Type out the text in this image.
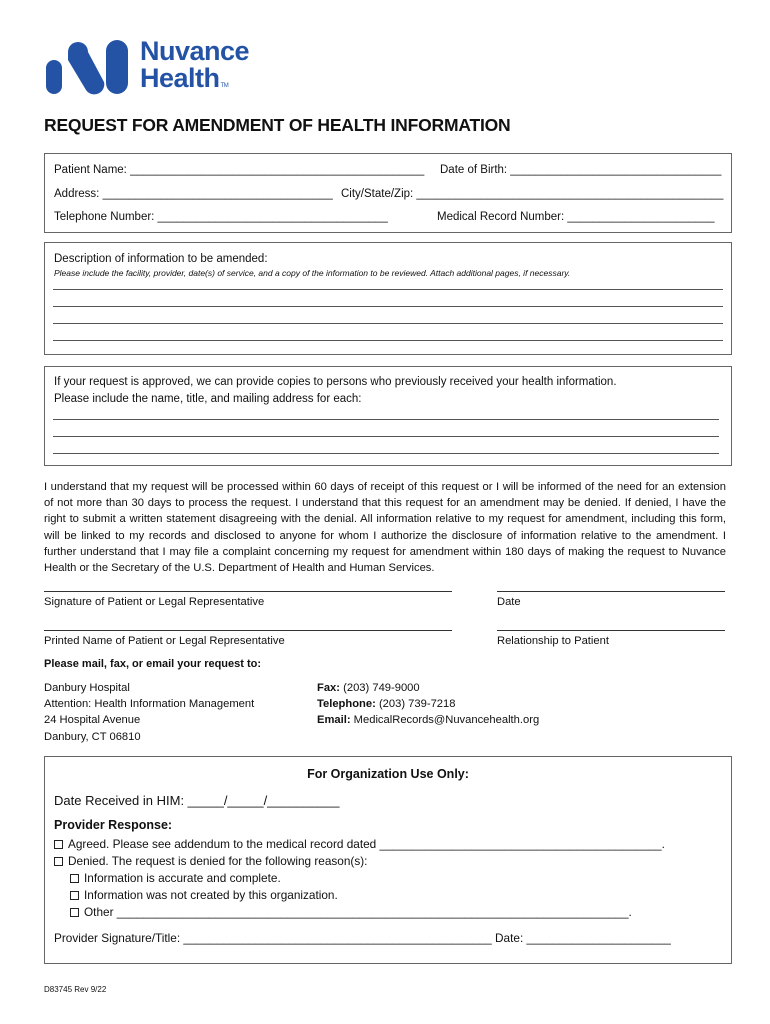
Nuvance
HealthTM
REQUEST FOR AMENDMENT OF HEALTH INFORMATION
Patient Name: ______________________________________________ Date of Birth: _________________________________
Address: ____________________________________ City/State/Zip: ________________________________________________
Telephone Number: ____________________________________	Medical Record Number: _______________________
Description of information to be amended:
Please include the facility, provider, date(s) of service, and a copy of the information to be reviewed. Attach additional pages, if necessary.
If your request is approved, we can provide copies to persons who previously received your health information.
Please include the name, title, and mailing address for each:
I understand that my request will be processed within 60 days of receipt of this request or I will be informed of the need for an extension of not more than 30 days to process the request. I understand that this request for an amendment may be denied. If denied, I have the right to submit a written statement disagreeing with the denial. All information relative to my request for amendment, including this form, will be linked to my records and disclosed to anyone for whom I authorize the disclosure of information relative to the amendment. I further understand that I may file a complaint concerning my request for amendment within 180 days of making the request to Nuvance Health or the Secretary of the U.S. Department of Health and Human Services.
Signature of Patient or Legal Representative	Date
Printed Name of Patient or Legal Representative	Relationship to Patient
Please mail, fax, or email your request to:
Danbury Hospital
Attention: Health Information Management
24 Hospital Avenue
Danbury, CT 06810
Fax: (203) 749-9000
Telephone: (203) 739-7218
Email: MedicalRecords@Nuvancehealth.org
For Organization Use Only:
Date Received in HIM: _____/_____/__________
Provider Response:
Agreed. Please see addendum to the medical record dated ___________________________________________.
Denied. The request is denied for the following reason(s):
Information is accurate and complete.
Information was not created by this organization.
Other ______________________________________________________________________________.
Provider Signature/Title: _______________________________________________ Date: ______________________
D83745 Rev 9/22
